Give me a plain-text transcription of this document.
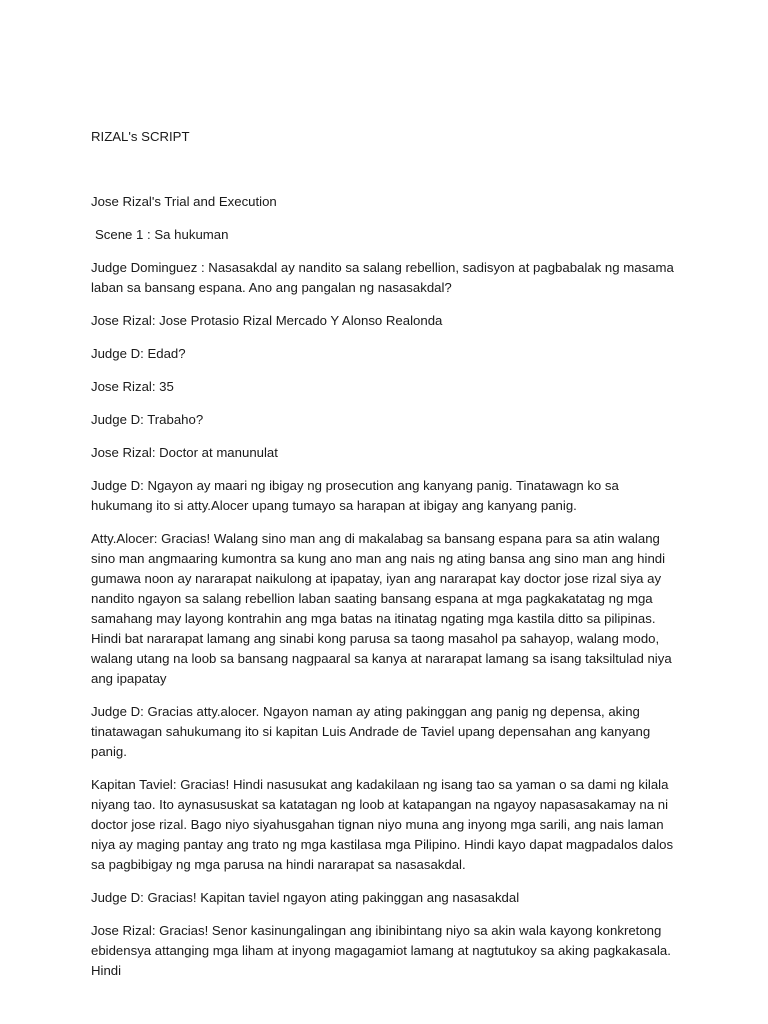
RIZAL's SCRIPT
Jose Rizal's Trial and Execution
Scene 1 : Sa hukuman
Judge Dominguez : Nasasakdal ay nandito sa salang rebellion, sadisyon at pagbabalak ng masama laban sa bansang espana. Ano ang pangalan ng nasasakdal?
Jose Rizal: Jose Protasio Rizal Mercado Y Alonso Realonda
Judge D: Edad?
Jose Rizal: 35
Judge D: Trabaho?
Jose Rizal: Doctor at manunulat
Judge D: Ngayon ay maari ng ibigay ng prosecution ang kanyang panig. Tinatawagn ko sa hukumang ito si atty.Alocer upang tumayo sa harapan at ibigay ang kanyang panig.
Atty.Alocer: Gracias! Walang sino man ang di makalabag sa bansang espana para sa atin walang sino man angmaaring kumontra sa kung ano man ang nais ng ating bansa ang sino man ang hindi gumawa noon ay nararapat naikulong at ipapatay, iyan ang nararapat kay doctor jose rizal siya ay nandito ngayon sa salang rebellion laban saating bansang espana at mga pagkakatatag ng mga samahang may layong kontrahin ang mga batas na itinatag ngating mga kastila ditto sa pilipinas. Hindi bat nararapat lamang ang sinabi kong parusa sa taong masahol pa sahayop, walang modo, walang utang na loob sa bansang nagpaaral sa kanya at nararapat lamang sa isang taksiltulad niya ang ipapatay
Judge D: Gracias atty.alocer. Ngayon naman ay ating pakinggan ang panig ng depensa, aking tinatawagan sahukumang ito si kapitan Luis Andrade de Taviel upang depensahan ang kanyang panig.
Kapitan Taviel: Gracias! Hindi nasusukat ang kadakilaan ng isang tao sa yaman o sa dami ng kilala niyang tao. Ito aynasususkat sa katatagan ng loob at katapangan na ngayoy napasasakamay na ni doctor jose rizal. Bago niyo siyahusgahan tignan niyo muna ang inyong mga sarili, ang nais laman niya ay maging pantay ang trato ng mga kastilasa mga Pilipino. Hindi kayo dapat magpadalos dalos sa pagbibigay ng mga parusa na hindi nararapat sa nasasakdal.
Judge D: Gracias! Kapitan taviel ngayon ating pakinggan ang nasasakdal
Jose Rizal: Gracias! Senor kasinungalingan ang ibinibintang niyo sa akin wala kayong konkretong ebidensya attanging mga liham at inyong magagamiot lamang at nagtutukoy sa aking pagkakasala. Hindi
